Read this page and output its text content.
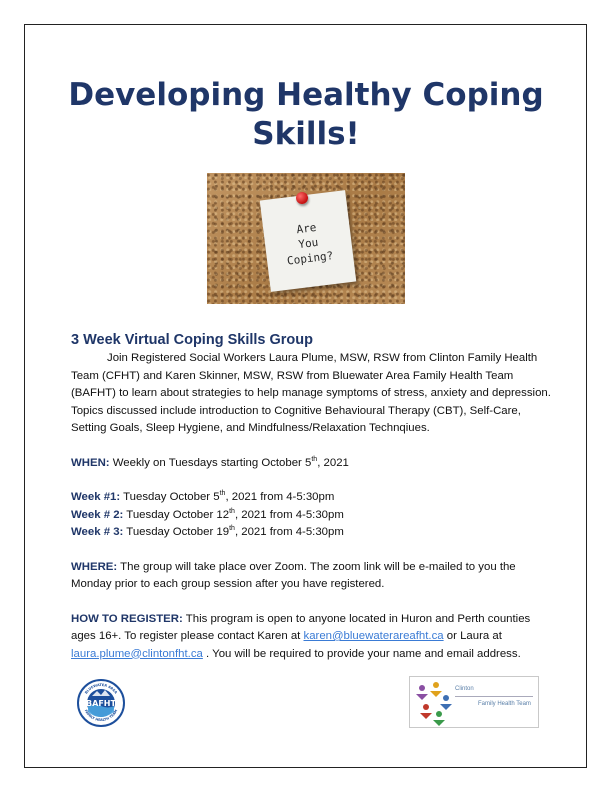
Developing Healthy Coping Skills!
Are
You
Coping?

3 Week Virtual Coping Skills Group

Join Registered Social Workers Laura Plume, MSW, RSW from Clinton Family Health Team (CFHT) and Karen Skinner, MSW, RSW from Bluewater Area Family Health Team (BAFHT) to learn about strategies to help manage symptoms of stress, anxiety and depression. Topics discussed include introduction to Cognitive Behavioural Therapy (CBT), Self-Care, Setting Goals, Sleep Hygiene, and Mindfulness/Relaxation Technqiues.

WHEN: Weekly on Tuesdays starting October 5th, 2021

Week #1: Tuesday October 5th, 2021 from 4-5:30pm

Week # 2: Tuesday October 12th, 2021 from 4-5:30pm

Week # 3: Tuesday October 19th, 2021 from 4-5:30pm

WHERE: The group will take place over Zoom. The zoom link will be e-mailed to you the Monday prior to each group session after you have registered.

HOW TO REGISTER: This program is open to anyone located in Huron and Perth counties ages 16+. To register please contact Karen at karen@bluewaterareafht.ca or Laura at laura.plume@clintonfht.ca . You will be required to provide your name and email address.

BAFHT
BLUEWATER AREA
FAMILY HEALTH TEAM
Clinton
Family Health Team
